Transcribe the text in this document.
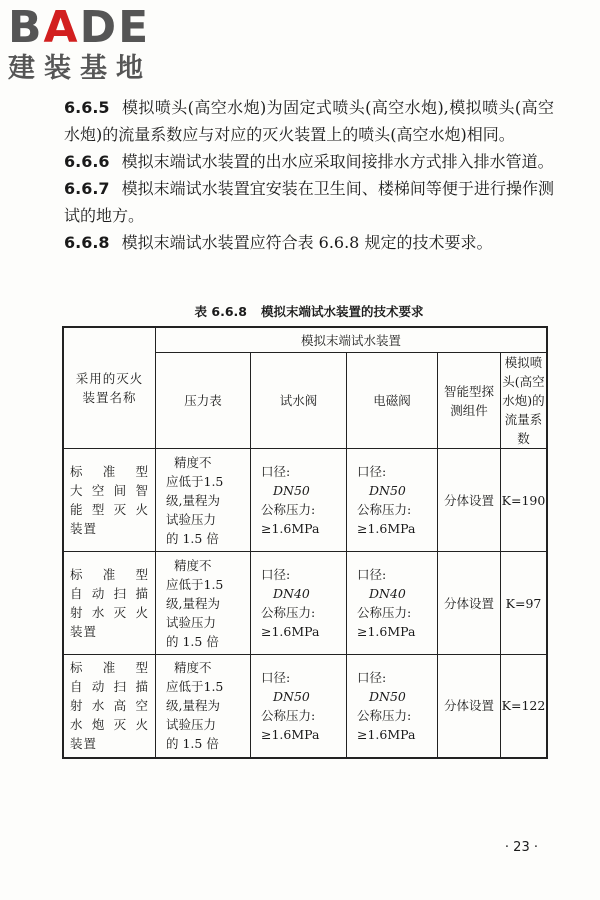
BADE
建装基地

6.6.5 模拟喷头(高空水炮)为固定式喷头(高空水炮),模拟喷头(高空水炮)的流量系数应与对应的灭火装置上的喷头(高空水炮)相同。

6.6.6 模拟末端试水装置的出水应采取间接排水方式排入排水管道。

6.6.7 模拟末端试水装置宜安装在卫生间、楼梯间等便于进行操作测试的地方。

6.6.8 模拟末端试水装置应符合表 6.6.8 规定的技术要求。

表 6.6.8 模拟末端试水装置的技术要求
采用的灭火装置名称	模拟末端试水装置				
	压力表	试水阀	电磁阀	智能型探测组件	模拟喷头(高空水炮)的流量系数

标准型
大空间智
能型灭火
装置	精度不
应低于1.5
级,量程为
试验压力
的 1.5 倍	口径:
DN50
公称压力:
≥1.6MPa	口径:
DN50
公称压力:
≥1.6MPa	分体设置	K=190

标准型
自动扫描
射水灭火
装置	精度不
应低于1.5
级,量程为
试验压力
的 1.5 倍	口径:
DN40
公称压力:
≥1.6MPa	口径:
DN40
公称压力:
≥1.6MPa	分体设置	K=97

标准型
自动扫描
射水高空
水炮灭火
装置	精度不
应低于1.5
级,量程为
试验压力
的 1.5 倍	口径:
DN50
公称压力:
≥1.6MPa	口径:
DN50
公称压力:
≥1.6MPa	分体设置	K=122
· 23 ·
